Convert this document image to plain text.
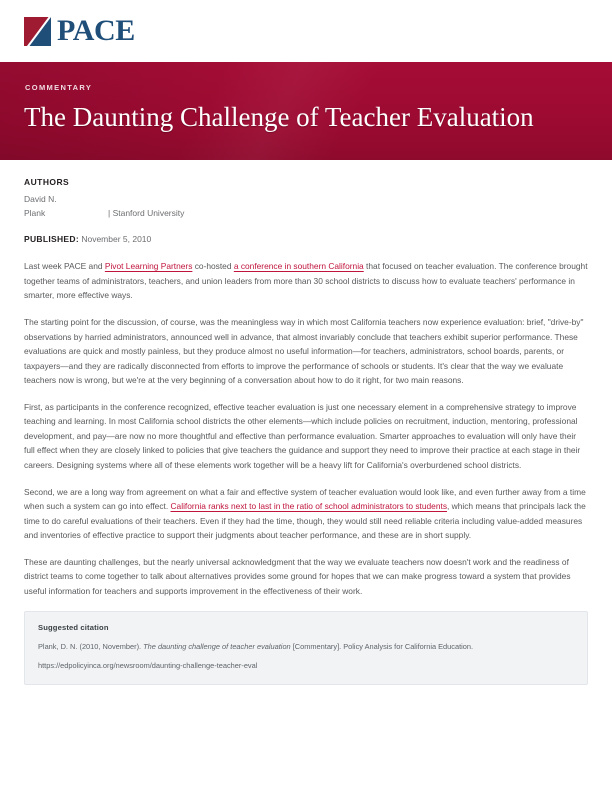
PACE
COMMENTARY
The Daunting Challenge of Teacher Evaluation
AUTHORS
David N.
Plank	| Stanford University
PUBLISHED: November 5, 2010

Last week PACE and Pivot Learning Partners co-hosted a conference in southern California that focused on teacher evaluation. The conference brought together teams of administrators, teachers, and union leaders from more than 30 school districts to discuss how to evaluate teachers' performance in smarter, more effective ways.

The starting point for the discussion, of course, was the meaningless way in which most California teachers now experience evaluation: brief, "drive-by" observations by harried administrators, announced well in advance, that almost invariably conclude that teachers exhibit superior performance. These evaluations are quick and mostly painless, but they produce almost no useful information—for teachers, administrators, school boards, parents, or taxpayers—and they are radically disconnected from efforts to improve the performance of schools or students. It's clear that the way we evaluate teachers now is wrong, but we're at the very beginning of a conversation about how to do it right, for two main reasons.

First, as participants in the conference recognized, effective teacher evaluation is just one necessary element in a comprehensive strategy to improve teaching and learning. In most California school districts the other elements—which include policies on recruitment, induction, mentoring, professional development, and pay—are now no more thoughtful and effective than performance evaluation. Smarter approaches to evaluation will only have their full effect when they are closely linked to policies that give teachers the guidance and support they need to improve their practice at each stage in their careers. Designing systems where all of these elements work together will be a heavy lift for California's overburdened school districts.

Second, we are a long way from agreement on what a fair and effective system of teacher evaluation would look like, and even further away from a time when such a system can go into effect. California ranks next to last in the ratio of school administrators to students, which means that principals lack the time to do careful evaluations of their teachers. Even if they had the time, though, they would still need reliable criteria including value-added measures and inventories of effective practice to support their judgments about teacher performance, and these are in short supply.

These are daunting challenges, but the nearly universal acknowledgment that the way we evaluate teachers now doesn't work and the readiness of district teams to come together to talk about alternatives provides some ground for hopes that we can make progress toward a system that provides useful information for teachers and supports improvement in the effectiveness of their work.

Suggested citation
Plank, D. N. (2010, November). The daunting challenge of teacher evaluation [Commentary]. Policy Analysis for California Education.
https://edpolicyinca.org/newsroom/daunting-challenge-teacher-eval
